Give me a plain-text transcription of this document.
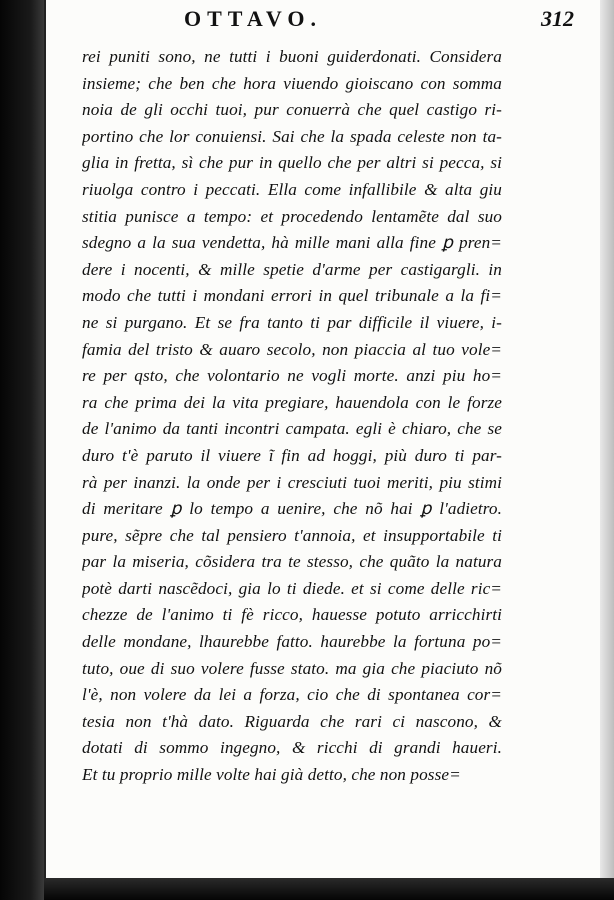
OTTAVO.	312
rei puniti sono, ne tutti i buoni guiderdonati. Considera
insieme; che ben che hora viuendo gioiscano con somma
noia de gli occhi tuoi, pur conuerrà che quel castigo ri-
portino che lor conuiensi. Sai che la spada celeste non ta-
glia in fretta, sì che pur in quello che per altri si pecca, si
riuolga contro i peccati. Ella come infallibile & alta giu
stitia punisce a tempo: et procedendo lentamẽte dal suo
sdegno a la sua vendetta, hà mille mani alla fine ꝑ pren=
dere i nocenti, & mille spetie d'arme per castigargli. in
modo che tutti i mondani errori in quel tribunale a la fi=
ne si purgano. Et se fra tanto ti par difficile il viuere, i-
famia del tristo & auaro secolo, non piaccia al tuo vole=
re per qsto, che volontario ne vogli morte. anzi piu ho=
ra che prima dei la vita pregiare, hauendola con le forze
de l'animo da tanti incontri campata. egli è chiaro, che se
duro t'è paruto il viuere ĩ fin ad hoggi, più duro ti par-
rà per inanzi. la onde per i cresciuti tuoi meriti, piu stimi
di meritare ꝑ lo tempo a uenire, che nõ hai ꝑ l'adietro.
pure, sẽpre che tal pensiero t'annoia, et insupportabile ti
par la miseria, cõsidera tra te stesso, che quãto la natura
potè darti nascẽdoci, gia lo ti diede. et si come delle ric=
chezze de l'animo ti fè ricco, hauesse potuto arricchirti
delle mondane, lhaurebbe fatto. haurebbe la fortuna po=
tuto, oue di suo volere fusse stato. ma gia che piaciuto nõ
l'è, non volere da lei a forza, cio che di spontanea cor=
tesia non t'hà dato. Riguarda che rari ci nascono, &
dotati di sommo ingegno, & ricchi di grandi haueri.
Et tu proprio mille volte hai già detto, che non posse=
